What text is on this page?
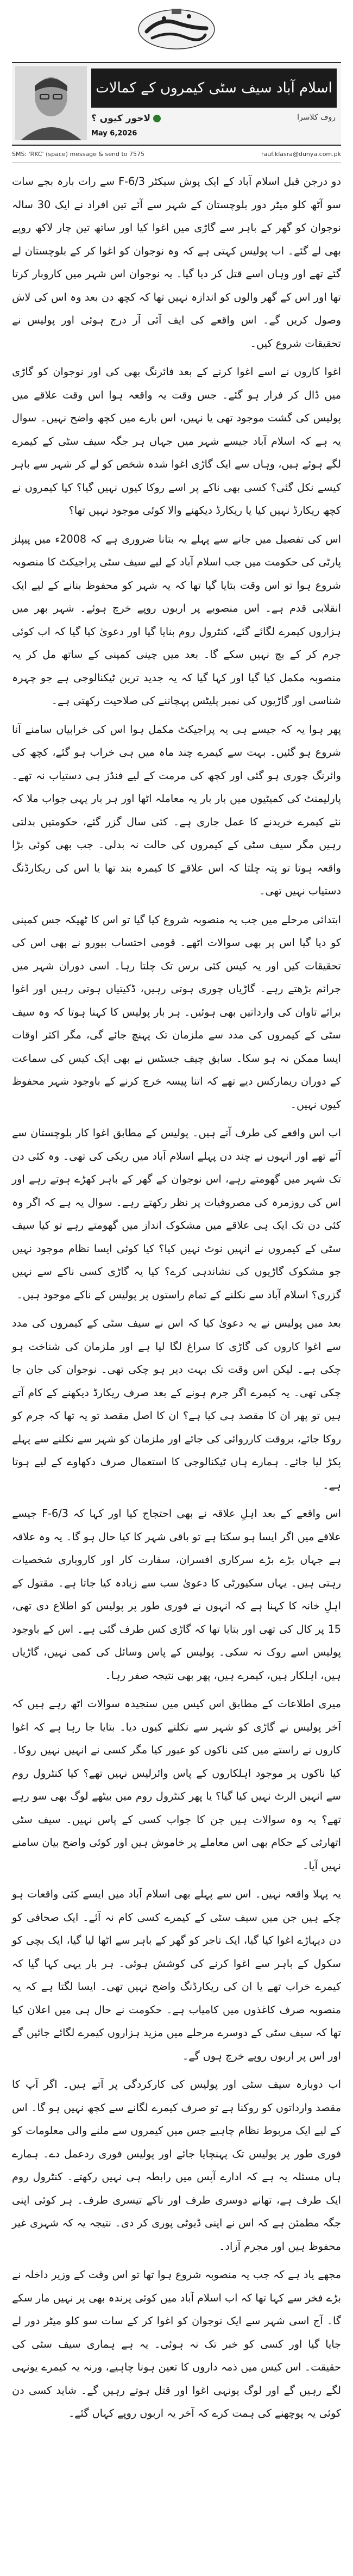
اسلام آباد سیف سٹی کیمروں کے کمالات
لاحور کیوں ؟	روف کلاسرا
May 6,2026
SMS: 'RKC' (space) message & send to 7575	rauf.klasra@dunya.com.pk

دو درجن قبل اسلام آباد کے ایک پوش سیکٹر F-6/3 سے رات بارہ بجے سات سو آٹھ کلو میٹر دور بلوچستان کے شہر سے آئے تین افراد نے ایک 30 سالہ نوجوان کو گھر کے باہر سے گاڑی میں اغوا کیا اور ساتھ تین چار لاکھ روپے بھی لے گئے۔ اب پولیس کہتی ہے کہ وہ نوجوان کو اغوا کر کے بلوچستان لے گئے تھے اور وہاں اسے قتل کر دیا گیا۔ یہ نوجوان اس شہر میں کاروبار کرتا تھا اور اس کے گھر والوں کو اندازہ نہیں تھا کہ کچھ دن بعد وہ اس کی لاش وصول کریں گے۔ اس واقعے کی ایف آئی آر درج ہوئی اور پولیس نے تحقیقات شروع کیں۔

اغوا کاروں نے اسے اغوا کرنے کے بعد فائرنگ بھی کی اور نوجوان کو گاڑی میں ڈال کر فرار ہو گئے۔ جس وقت یہ واقعہ ہوا اس وقت علاقے میں پولیس کی گشت موجود تھی یا نہیں، اس بارے میں کچھ واضح نہیں۔ سوال یہ ہے کہ اسلام آباد جیسے شہر میں جہاں ہر جگہ سیف سٹی کے کیمرے لگے ہوئے ہیں، وہاں سے ایک گاڑی اغوا شدہ شخص کو لے کر شہر سے باہر کیسے نکل گئی؟ کسی بھی ناکے پر اسے روکا کیوں نہیں گیا؟ کیا کیمروں نے کچھ ریکارڈ نہیں کیا یا ریکارڈ دیکھنے والا کوئی موجود نہیں تھا؟

اس کی تفصیل میں جانے سے پہلے یہ بتانا ضروری ہے کہ 2008ء میں پیپلز پارٹی کی حکومت میں جب اسلام آباد کے لیے سیف سٹی پراجیکٹ کا منصوبہ شروع ہوا تو اس وقت بتایا گیا تھا کہ یہ شہر کو محفوظ بنانے کے لیے ایک انقلابی قدم ہے۔ اس منصوبے پر اربوں روپے خرچ ہوئے۔ شہر بھر میں ہزاروں کیمرے لگائے گئے، کنٹرول روم بنایا گیا اور دعویٰ کیا گیا کہ اب کوئی جرم کر کے بچ نہیں سکے گا۔ بعد میں چینی کمپنی کے ساتھ مل کر یہ منصوبہ مکمل کیا گیا اور کہا گیا کہ یہ جدید ترین ٹیکنالوجی ہے جو چہرہ شناسی اور گاڑیوں کی نمبر پلیٹس پہچاننے کی صلاحیت رکھتی ہے۔

پھر ہوا یہ کہ جیسے ہی یہ پراجیکٹ مکمل ہوا اس کی خرابیاں سامنے آنا شروع ہو گئیں۔ بہت سے کیمرے چند ماہ میں ہی خراب ہو گئے، کچھ کی وائرنگ چوری ہو گئی اور کچھ کی مرمت کے لیے فنڈز ہی دستیاب نہ تھے۔ پارلیمنٹ کی کمیٹیوں میں بار بار یہ معاملہ اٹھا اور ہر بار یہی جواب ملا کہ نئے کیمرے خریدنے کا عمل جاری ہے۔ کئی سال گزر گئے، حکومتیں بدلتی رہیں مگر سیف سٹی کے کیمروں کی حالت نہ بدلی۔ جب بھی کوئی بڑا واقعہ ہوتا تو پتہ چلتا کہ اس علاقے کا کیمرہ بند تھا یا اس کی ریکارڈنگ دستیاب نہیں تھی۔

ابتدائی مرحلے میں جب یہ منصوبہ شروع کیا گیا تو اس کا ٹھیکہ جس کمپنی کو دیا گیا اس پر بھی سوالات اٹھے۔ قومی احتساب بیورو نے بھی اس کی تحقیقات کیں اور یہ کیس کئی برس تک چلتا رہا۔ اسی دوران شہر میں جرائم بڑھتے رہے۔ گاڑیاں چوری ہوتی رہیں، ڈکیتیاں ہوتی رہیں اور اغوا برائے تاوان کی وارداتیں بھی ہوئیں۔ ہر بار پولیس کا کہنا ہوتا کہ وہ سیف سٹی کے کیمروں کی مدد سے ملزمان تک پہنچ جائے گی، مگر اکثر اوقات ایسا ممکن نہ ہو سکا۔ سابق چیف جسٹس نے بھی ایک کیس کی سماعت کے دوران ریمارکس دیے تھے کہ اتنا پیسہ خرچ کرنے کے باوجود شہر محفوظ کیوں نہیں۔

اب اس واقعے کی طرف آتے ہیں۔ پولیس کے مطابق اغوا کار بلوچستان سے آئے تھے اور انہوں نے چند دن پہلے اسلام آباد میں ریکی کی تھی۔ وہ کئی دن تک شہر میں گھومتے رہے، اس نوجوان کے گھر کے باہر کھڑے ہوتے رہے اور اس کی روزمرہ کی مصروفیات پر نظر رکھتے رہے۔ سوال یہ ہے کہ اگر وہ کئی دن تک ایک ہی علاقے میں مشکوک انداز میں گھومتے رہے تو کیا سیف سٹی کے کیمروں نے انہیں نوٹ نہیں کیا؟ کیا کوئی ایسا نظام موجود نہیں جو مشکوک گاڑیوں کی نشاندہی کرے؟ کیا یہ گاڑی کسی ناکے سے نہیں گزری؟ اسلام آباد سے نکلنے کے تمام راستوں پر پولیس کے ناکے موجود ہیں۔

بعد میں پولیس نے یہ دعویٰ کیا کہ اس نے سیف سٹی کے کیمروں کی مدد سے اغوا کاروں کی گاڑی کا سراغ لگا لیا ہے اور ملزمان کی شناخت ہو چکی ہے۔ لیکن اس وقت تک بہت دیر ہو چکی تھی۔ نوجوان کی جان جا چکی تھی۔ یہ کیمرے اگر جرم ہونے کے بعد صرف ریکارڈ دیکھنے کے کام آتے ہیں تو پھر ان کا مقصد ہی کیا ہے؟ ان کا اصل مقصد تو یہ تھا کہ جرم کو روکا جائے، بروقت کارروائی کی جائے اور ملزمان کو شہر سے نکلنے سے پہلے پکڑ لیا جائے۔ ہمارے ہاں ٹیکنالوجی کا استعمال صرف دکھاوے کے لیے ہوتا ہے۔

اس واقعے کے بعد اہلِ علاقہ نے بھی احتجاج کیا اور کہا کہ F-6/3 جیسے علاقے میں اگر ایسا ہو سکتا ہے تو باقی شہر کا کیا حال ہو گا۔ یہ وہ علاقہ ہے جہاں بڑے بڑے سرکاری افسران، سفارت کار اور کاروباری شخصیات رہتی ہیں۔ یہاں سکیورٹی کا دعویٰ سب سے زیادہ کیا جاتا ہے۔ مقتول کے اہلِ خانہ کا کہنا ہے کہ انہوں نے فوری طور پر پولیس کو اطلاع دی تھی، 15 پر کال کی تھی اور بتایا تھا کہ گاڑی کس طرف گئی ہے۔ اس کے باوجود پولیس اسے روک نہ سکی۔ پولیس کے پاس وسائل کی کمی نہیں، گاڑیاں ہیں، اہلکار ہیں، کیمرے ہیں، پھر بھی نتیجہ صفر رہا۔

میری اطلاعات کے مطابق اس کیس میں سنجیدہ سوالات اٹھ رہے ہیں کہ آخر پولیس نے گاڑی کو شہر سے نکلنے کیوں دیا۔ بتایا جا رہا ہے کہ اغوا کاروں نے راستے میں کئی ناکوں کو عبور کیا مگر کسی نے انہیں نہیں روکا۔ کیا ناکوں پر موجود اہلکاروں کے پاس وائرلیس نہیں تھے؟ کیا کنٹرول روم سے انہیں الرٹ نہیں کیا گیا؟ یا پھر کنٹرول روم میں بیٹھے لوگ بھی سو رہے تھے؟ یہ وہ سوالات ہیں جن کا جواب کسی کے پاس نہیں۔ سیف سٹی اتھارٹی کے حکام بھی اس معاملے پر خاموش ہیں اور کوئی واضح بیان سامنے نہیں آیا۔

یہ پہلا واقعہ نہیں۔ اس سے پہلے بھی اسلام آباد میں ایسے کئی واقعات ہو چکے ہیں جن میں سیف سٹی کے کیمرے کسی کام نہ آئے۔ ایک صحافی کو دن دیہاڑے اغوا کیا گیا، ایک تاجر کو گھر کے باہر سے اٹھا لیا گیا، ایک بچی کو سکول کے باہر سے اغوا کرنے کی کوشش ہوئی۔ ہر بار یہی کہا گیا کہ کیمرے خراب تھے یا ان کی ریکارڈنگ واضح نہیں تھی۔ ایسا لگتا ہے کہ یہ منصوبہ صرف کاغذوں میں کامیاب ہے۔ حکومت نے حال ہی میں اعلان کیا تھا کہ سیف سٹی کے دوسرے مرحلے میں مزید ہزاروں کیمرے لگائے جائیں گے اور اس پر اربوں روپے خرچ ہوں گے۔

اب دوبارہ سیف سٹی اور پولیس کی کارکردگی پر آتے ہیں۔ اگر آپ کا مقصد وارداتوں کو روکنا ہے تو صرف کیمرے لگانے سے کچھ نہیں ہو گا۔ اس کے لیے ایک مربوط نظام چاہیے جس میں کیمروں سے ملنے والی معلومات کو فوری طور پر پولیس تک پہنچایا جائے اور پولیس فوری ردعمل دے۔ ہمارے ہاں مسئلہ یہ ہے کہ ادارے آپس میں رابطہ ہی نہیں رکھتے۔ کنٹرول روم ایک طرف ہے، تھانے دوسری طرف اور ناکے تیسری طرف۔ ہر کوئی اپنی جگہ مطمئن ہے کہ اس نے اپنی ڈیوٹی پوری کر دی۔ نتیجہ یہ کہ شہری غیر محفوظ ہیں اور مجرم آزاد۔

مجھے یاد ہے کہ جب یہ منصوبہ شروع ہوا تھا تو اس وقت کے وزیر داخلہ نے بڑے فخر سے کہا تھا کہ اب اسلام آباد میں کوئی پرندہ بھی پر نہیں مار سکے گا۔ آج اسی شہر سے ایک نوجوان کو اغوا کر کے سات سو کلو میٹر دور لے جایا گیا اور کسی کو خبر تک نہ ہوئی۔ یہ ہے ہماری سیف سٹی کی حقیقت۔ اس کیس میں ذمہ داروں کا تعین ہونا چاہیے، ورنہ یہ کیمرے یونہی لگے رہیں گے اور لوگ یونہی اغوا اور قتل ہوتے رہیں گے۔ شاید کسی دن کوئی یہ پوچھنے کی ہمت کرے کہ آخر یہ اربوں روپے کہاں گئے۔
